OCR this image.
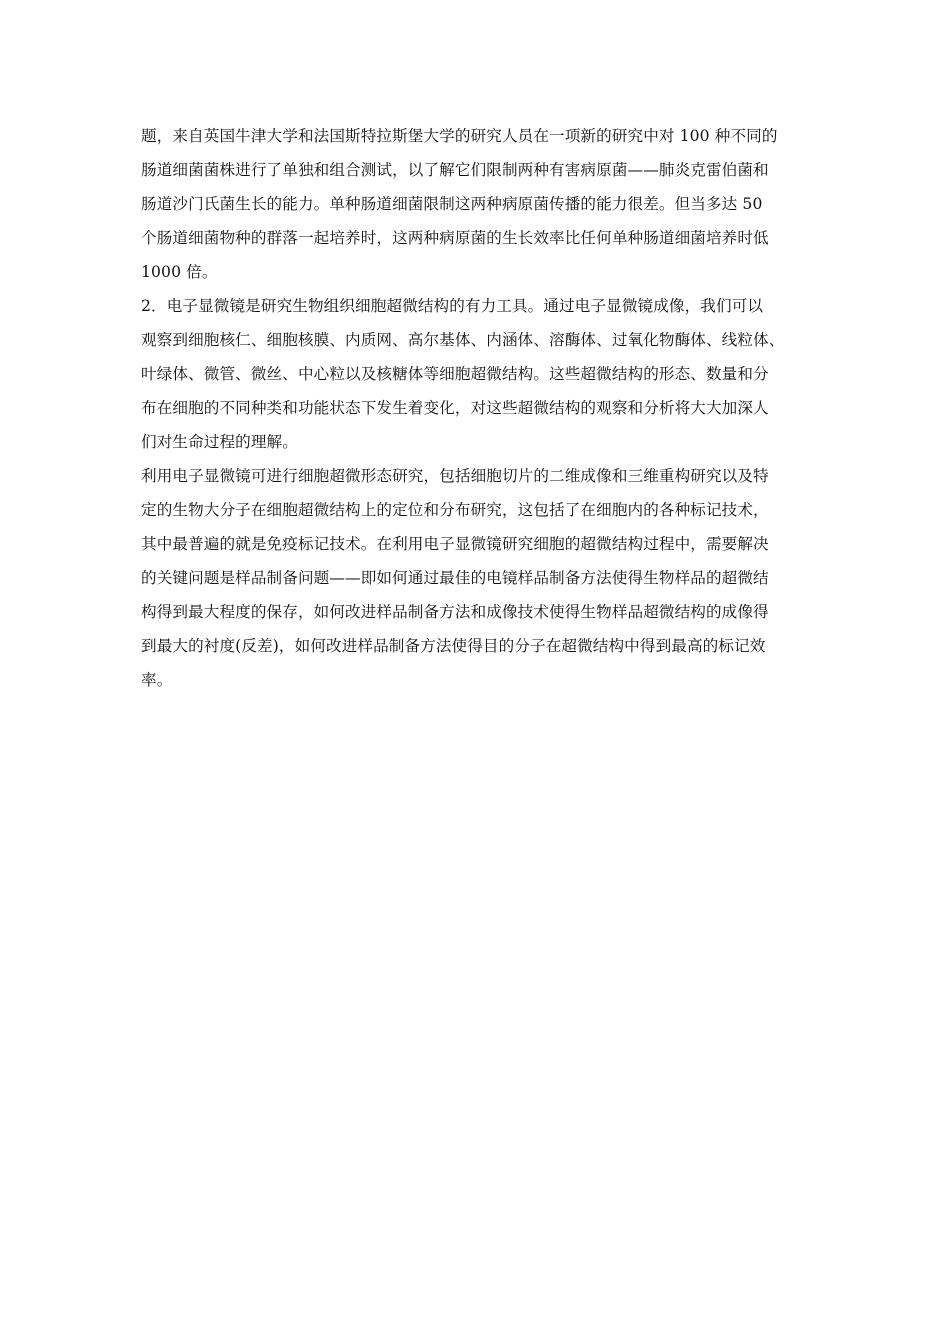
题，来自英国牛津大学和法国斯特拉斯堡大学的研究人员在一项新的研究中对 100 种不同的
肠道细菌菌株进行了单独和组合测试，以了解它们限制两种有害病原菌——肺炎克雷伯菌和
肠道沙门氏菌生长的能力。单种肠道细菌限制这两种病原菌传播的能力很差。但当多达 50
个肠道细菌物种的群落一起培养时，这两种病原菌的生长效率比任何单种肠道细菌培养时低
1000 倍。
2．电子显微镜是研究生物组织细胞超微结构的有力工具。通过电子显微镜成像，我们可以
观察到细胞核仁、细胞核膜、内质网、高尔基体、内涵体、溶酶体、过氧化物酶体、线粒体、
叶绿体、微管、微丝、中心粒以及核糖体等细胞超微结构。这些超微结构的形态、数量和分
布在细胞的不同种类和功能状态下发生着变化，对这些超微结构的观察和分析将大大加深人
们对生命过程的理解。
利用电子显微镜可进行细胞超微形态研究，包括细胞切片的二维成像和三维重构研究以及特
定的生物大分子在细胞超微结构上的定位和分布研究，这包括了在细胞内的各种标记技术，
其中最普遍的就是免疫标记技术。在利用电子显微镜研究细胞的超微结构过程中，需要解决
的关键问题是样品制备问题——即如何通过最佳的电镜样品制备方法使得生物样品的超微结
构得到最大程度的保存，如何改进样品制备方法和成像技术使得生物样品超微结构的成像得
到最大的衬度(反差)，如何改进样品制备方法使得目的分子在超微结构中得到最高的标记效
率。
